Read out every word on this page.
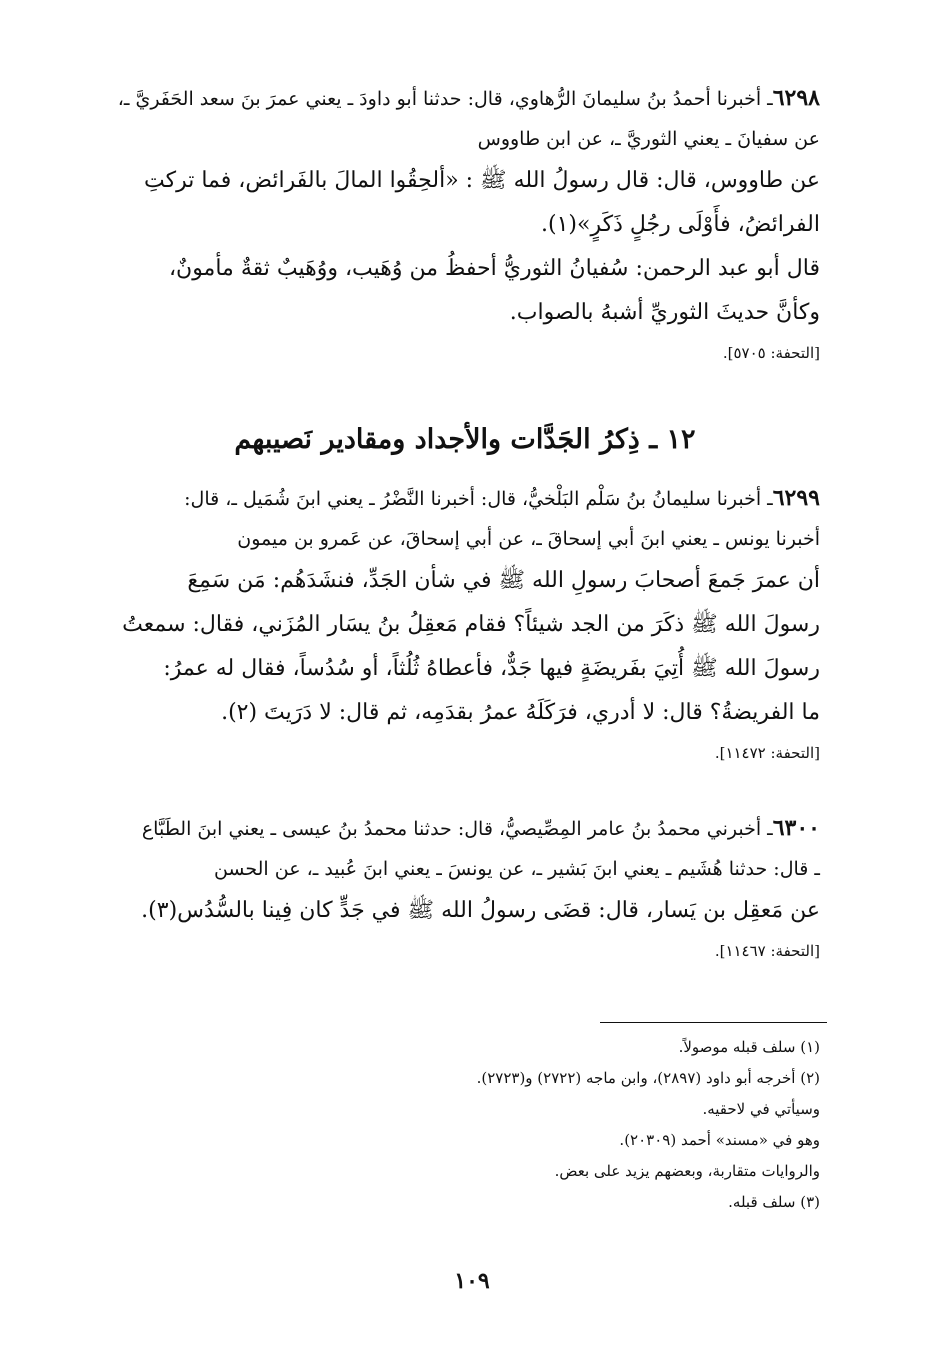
٦٢٩٨ـ أخبرنا أحمدُ بنُ سليمانَ الرُّهاوي، قال: حدثنا أبو داودَ ـ يعني عمرَ بنَ سعد الحَفَريَّ ـ،
عن سفيانَ ـ يعني الثوريَّ ـ، عن ابن طاووس
عن طاووس، قال: قال رسولُ الله ﷺ : «ألحِقُوا المالَ بالفَرائض، فما تركتِ
الفرائضُ، فأَوْلَى رجُلٍ ذَكَرٍ»(١).
قال أبو عبد الرحمن: سُفيانُ الثوريُّ أحفظُ من وُهَيب، ووُهَيبٌ ثقةٌ مأمونٌ،
وكأنَّ حديثَ الثوريِّ أشبهُ بالصواب.
[التحفة: ٥٧٠٥].
١٢ ـ ذِكرُ الجَدَّات والأجداد ومقادير نَصيبهم
٦٢٩٩ـ أخبرنا سليمانُ بنُ سَلْم البَلْخيُّ، قال: أخبرنا النَّضْرُ ـ يعني ابنَ شُمَيل ـ، قال:
أخبرنا يونس ـ يعني ابنَ أبي إسحاقَ ـ، عن أبي إسحاقَ، عن عَمرو بن ميمون
أن عمرَ جَمعَ أصحابَ رسولِ الله ﷺ في شأن الجَدِّ، فنشَدَهُم: مَن سَمِعَ
رسولَ الله ﷺ ذكَرَ من الجد شيئاً؟ فقام مَعقِلُ بنُ يسَار المُزَني، فقال: سمعتُ
رسولَ الله ﷺ أُتِيَ بفَريضَةٍ فيها جَدٌّ، فأعطاهُ ثُلُثاً، أو سُدُساً، فقال له عمرُ:
ما الفريضةُ؟ قال: لا أدري، فرَكَلَهُ عمرُ بقدَمِه، ثم قال: لا دَرَيتَ (٢).
[التحفة: ١١٤٧٢].
٦٣٠٠ـ أخبرني محمدُ بنُ عامر المِصِّيصيُّ، قال: حدثنا محمدُ بنُ عيسى ـ يعني ابنَ الطَبَّاع
ـ قال: حدثنا هُشَيم ـ يعني ابنَ بَشير ـ، عن يونسَ ـ يعني ابنَ عُبيد ـ، عن الحسن
عن مَعقِل بن يَسار، قال: قضَى رسولُ الله ﷺ في جَدٍّ كان فِينا بالسُّدُس(٣).
[التحفة: ١١٤٦٧].
(١) سلف قبله موصولاً.
(٢) أخرجه أبو داود (٢٨٩٧)، وابن ماجه (٢٧٢٢) و(٢٧٢٣).
وسيأتي في لاحقيه.
وهو في «مسند» أحمد (٢٠٣٠٩).
والروايات متقاربة، وبعضهم يزيد على بعض.
(٣) سلف قبله.
١٠٩
